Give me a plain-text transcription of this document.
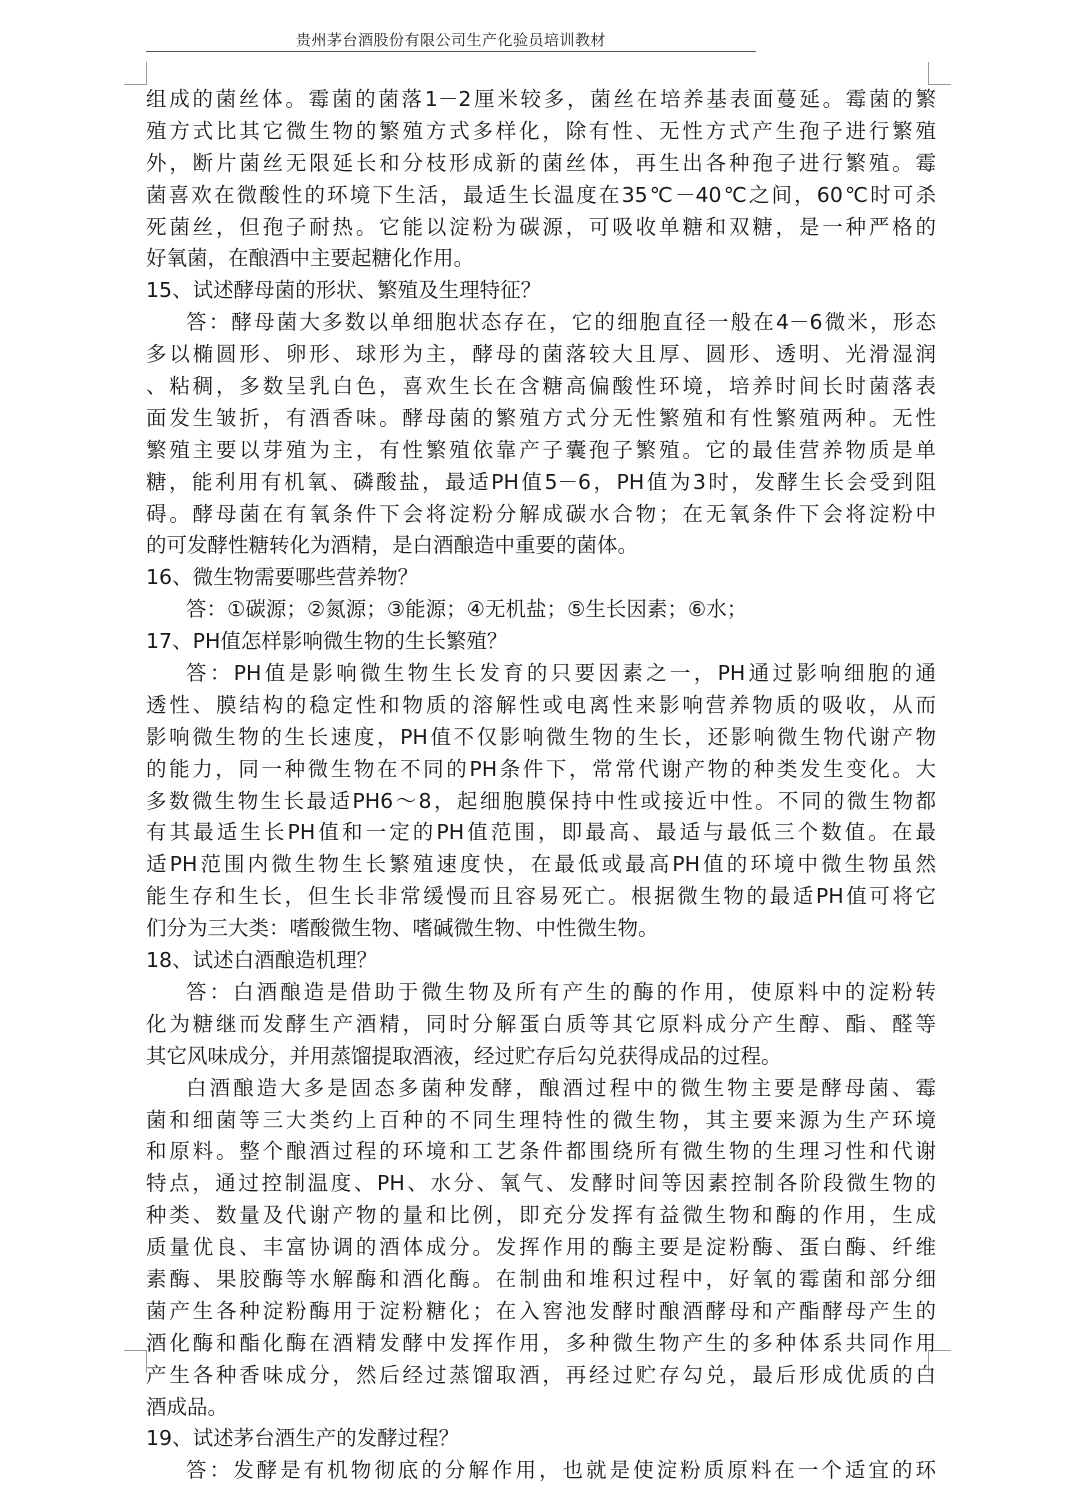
贵州茅台酒股份有限公司生产化验员培训教材
组成的菌丝体。霉菌的菌落1－2厘米较多，菌丝在培养基表面蔓延。霉菌的繁
殖方式比其它微生物的繁殖方式多样化，除有性、无性方式产生孢子进行繁殖
外，断片菌丝无限延长和分枝形成新的菌丝体，再生出各种孢子进行繁殖。霉
菌喜欢在微酸性的环境下生活，最适生长温度在35℃－40℃之间，60℃时可杀
死菌丝，但孢子耐热。它能以淀粉为碳源，可吸收单糖和双糖，是一种严格的
好氧菌，在酿酒中主要起糖化作用。
15、试述酵母菌的形状、繁殖及生理特征？
答：酵母菌大多数以单细胞状态存在，它的细胞直径一般在4－6微米，形态
多以椭圆形、卵形、球形为主，酵母的菌落较大且厚、圆形、透明、光滑湿润
、粘稠，多数呈乳白色，喜欢生长在含糖高偏酸性环境，培养时间长时菌落表
面发生皱折，有酒香味。酵母菌的繁殖方式分无性繁殖和有性繁殖两种。无性
繁殖主要以芽殖为主，有性繁殖依靠产子囊孢子繁殖。它的最佳营养物质是单
糖，能利用有机氧、磷酸盐，最适PH值5－6，PH值为3时，发酵生长会受到阻
碍。酵母菌在有氧条件下会将淀粉分解成碳水合物；在无氧条件下会将淀粉中
的可发酵性糖转化为酒精，是白酒酿造中重要的菌体。
16、微生物需要哪些营养物？
答：①碳源；②氮源；③能源；④无机盐；⑤生长因素；⑥水；
17、PH值怎样影响微生物的生长繁殖？
答：PH值是影响微生物生长发育的只要因素之一，PH通过影响细胞的通
透性、膜结构的稳定性和物质的溶解性或电离性来影响营养物质的吸收，从而
影响微生物的生长速度，PH值不仅影响微生物的生长，还影响微生物代谢产物
的能力，同一种微生物在不同的PH条件下，常常代谢产物的种类发生变化。大
多数微生物生长最适PH6～8，起细胞膜保持中性或接近中性。不同的微生物都
有其最适生长PH值和一定的PH值范围，即最高、最适与最低三个数值。在最
适PH范围内微生物生长繁殖速度快，在最低或最高PH值的环境中微生物虽然
能生存和生长，但生长非常缓慢而且容易死亡。根据微生物的最适PH值可将它
们分为三大类：嗜酸微生物、嗜碱微生物、中性微生物。
18、试述白酒酿造机理？
答：白酒酿造是借助于微生物及所有产生的酶的作用，使原料中的淀粉转
化为糖继而发酵生产酒精，同时分解蛋白质等其它原料成分产生醇、酯、醛等
其它风味成分，并用蒸馏提取酒液，经过贮存后勾兑获得成品的过程。
白酒酿造大多是固态多菌种发酵，酿酒过程中的微生物主要是酵母菌、霉
菌和细菌等三大类约上百种的不同生理特性的微生物，其主要来源为生产环境
和原料。整个酿酒过程的环境和工艺条件都围绕所有微生物的生理习性和代谢
特点，通过控制温度、PH、水分、氧气、发酵时间等因素控制各阶段微生物的
种类、数量及代谢产物的量和比例，即充分发挥有益微生物和酶的作用，生成
质量优良、丰富协调的酒体成分。发挥作用的酶主要是淀粉酶、蛋白酶、纤维
素酶、果胶酶等水解酶和酒化酶。在制曲和堆积过程中，好氧的霉菌和部分细
菌产生各种淀粉酶用于淀粉糖化；在入窖池发酵时酿酒酵母和产酯酵母产生的
酒化酶和酯化酶在酒精发酵中发挥作用，多种微生物产生的多种体系共同作用
产生各种香味成分，然后经过蒸馏取酒，再经过贮存勾兑，最后形成优质的白
酒成品。
19、试述茅台酒生产的发酵过程？
答：发酵是有机物彻底的分解作用，也就是使淀粉质原料在一个适宜的环
